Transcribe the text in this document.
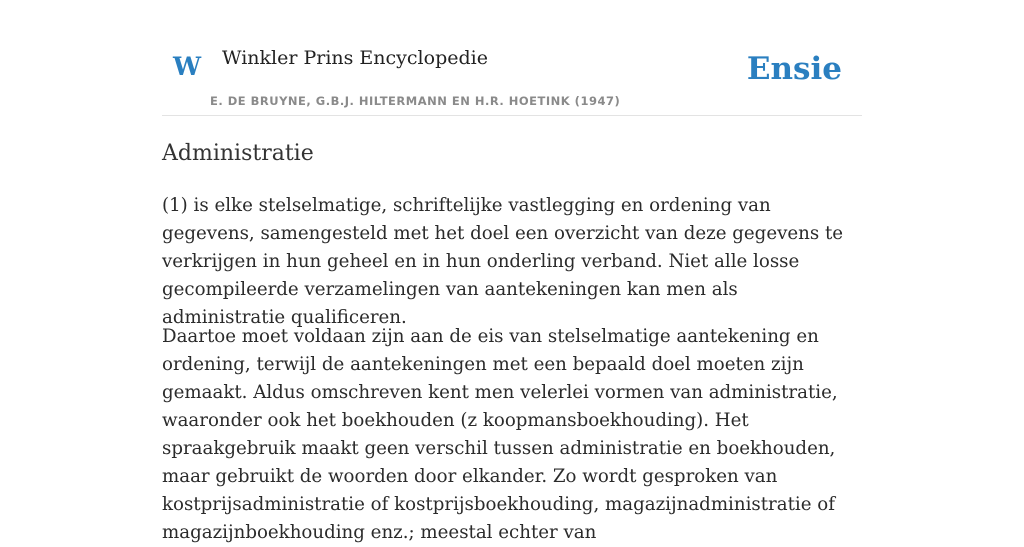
W Winkler Prins Encyclopedie
E. DE BRUYNE, G.B.J. HILTERMANN EN H.R. HOETINK (1947)
Ensie
Administratie

(1) is elke stelselmatige, schriftelijke vastlegging en ordening van gegevens, samengesteld met het doel een overzicht van deze gegevens te verkrijgen in hun geheel en in hun onderling verband. Niet alle losse gecompileerde verzamelingen van aantekeningen kan men als administratie qualificeren.

Daartoe moet voldaan zijn aan de eis van stelselmatige aantekening en ordening, terwijl de aantekeningen met een bepaald doel moeten zijn gemaakt. Aldus omschreven kent men velerlei vormen van administratie, waaronder ook het boekhouden (z koopmansboekhouding). Het spraakgebruik maakt geen verschil tussen administratie en boekhouden, maar gebruikt de woorden door elkander. Zo wordt gesproken van kostprijsadministratie of kostprijsboekhouding, magazijnadministratie of magazijnboekhouding enz.; meestal echter van
